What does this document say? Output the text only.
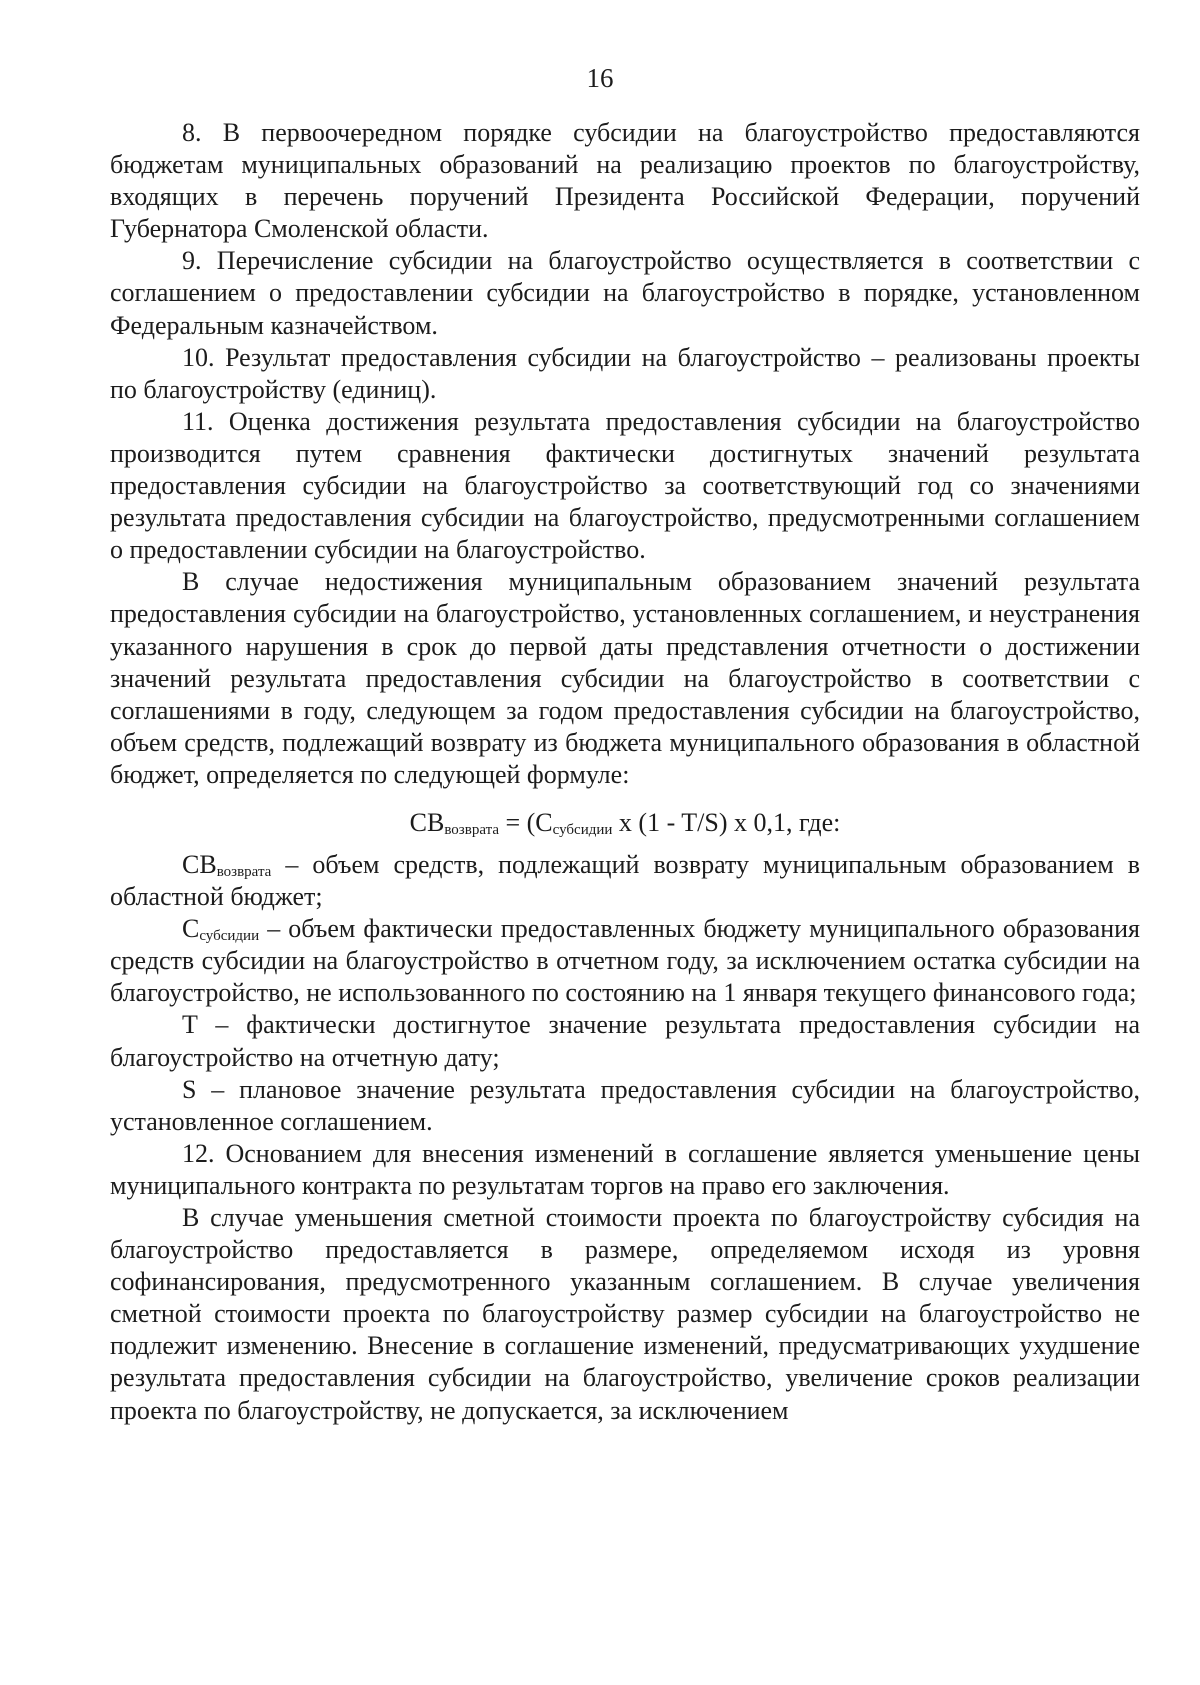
16

8. В первоочередном порядке субсидии на благоустройство предоставляются бюджетам муниципальных образований на реализацию проектов по благоустройству, входящих в перечень поручений Президента Российской Федерации, поручений Губернатора Смоленской области.

9. Перечисление субсидии на благоустройство осуществляется в соответствии с соглашением о предоставлении субсидии на благоустройство в порядке, установленном Федеральным казначейством.

10. Результат предоставления субсидии на благоустройство – реализованы проекты по благоустройству (единиц).

11. Оценка достижения результата предоставления субсидии на благоустройство производится путем сравнения фактически достигнутых значений результата предоставления субсидии на благоустройство за соответствующий год со значениями результата предоставления субсидии на благоустройство, предусмотренными соглашением о предоставлении субсидии на благоустройство.

В случае недостижения муниципальным образованием значений результата предоставления субсидии на благоустройство, установленных соглашением, и неустранения указанного нарушения в срок до первой даты представления отчетности о достижении значений результата предоставления субсидии на благоустройство в соответствии с соглашениями в году, следующем за годом предоставления субсидии на благоустройство, объем средств, подлежащий возврату из бюджета муниципального образования в областной бюджет, определяется по следующей формуле:

$CB_{возврата} = (C_{субсидии}$ x (1 - T/S) x 0,1, где:

$CB_{возврата}$ – объем средств, подлежащий возврату муниципальным образованием в областной бюджет;

$C_{субсидии}$ – объем фактически предоставленных бюджету муниципального образования средств субсидии на благоустройство в отчетном году, за исключением остатка субсидии на благоустройство, не использованного по состоянию на 1 января текущего финансового года;

T – фактически достигнутое значение результата предоставления субсидии на благоустройство на отчетную дату;

S – плановое значение результата предоставления субсидии на благоустройство, установленное соглашением.

12. Основанием для внесения изменений в соглашение является уменьшение цены муниципального контракта по результатам торгов на право его заключения.

В случае уменьшения сметной стоимости проекта по благоустройству субсидия на благоустройство предоставляется в размере, определяемом исходя из уровня софинансирования, предусмотренного указанным соглашением. В случае увеличения сметной стоимости проекта по благоустройству размер субсидии на благоустройство не подлежит изменению. Внесение в соглашение изменений, предусматривающих ухудшение результата предоставления субсидии на благоустройство, увеличение сроков реализации проекта по благоустройству, не допускается, за исключением
